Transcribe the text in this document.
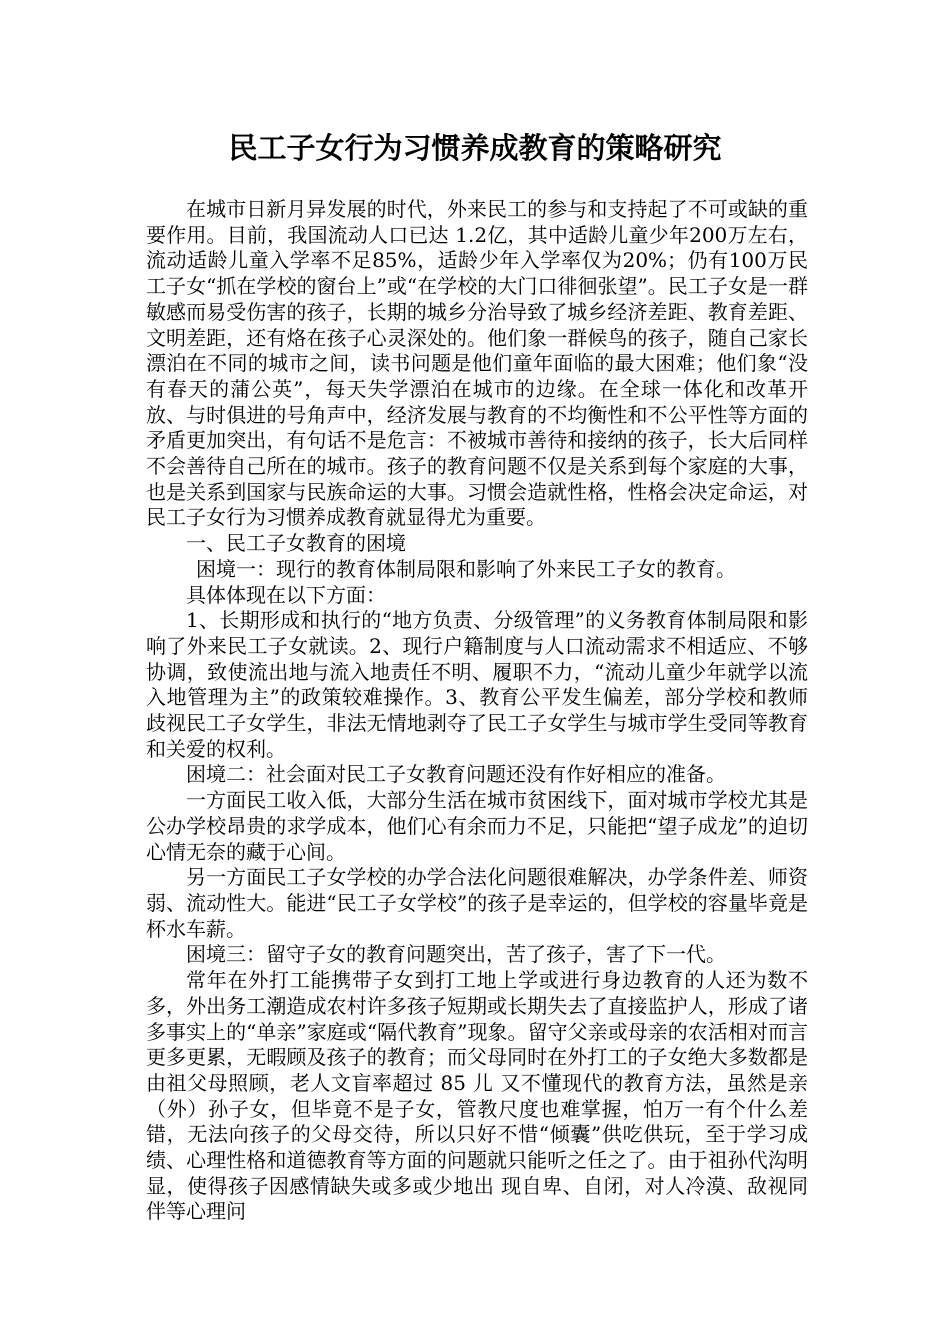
民工子女行为习惯养成教育的策略研究

在城市日新月异发展的时代，外来民工的参与和支持起了不可或缺的重要作用。目前，我国流动人口已达 1.2亿，其中适龄儿童少年200万左右，流动适龄儿童入学率不足85%，适龄少年入学率仅为20%；仍有100万民工子女“抓在学校的窗台上”或“在学校的大门口徘徊张望”。民工子女是一群敏感而易受伤害的孩子，长期的城乡分治导致了城乡经济差距、教育差距、文明差距，还有烙在孩子心灵深处的。他们象一群候鸟的孩子，随自己家长漂泊在不同的城市之间，读书问题是他们童年面临的最大困难；他们象“没有春天的蒲公英”，每天失学漂泊在城市的边缘。在全球一体化和改革开放、与时俱进的号角声中，经济发展与教育的不均衡性和不公平性等方面的矛盾更加突出，有句话不是危言：不被城市善待和接纳的孩子，长大后同样不会善待自己所在的城市。孩子的教育问题不仅是关系到每个家庭的大事，也是关系到国家与民族命运的大事。习惯会造就性格，性格会决定命运，对民工子女行为习惯养成教育就显得尤为重要。

一、民工子女教育的困境

困境一：现行的教育体制局限和影响了外来民工子女的教育。

具体体现在以下方面：

1、长期形成和执行的“地方负责、分级管理”的义务教育体制局限和影响了外来民工子女就读。2、现行户籍制度与人口流动需求不相适应、不够协调，致使流出地与流入地责任不明、履职不力，“流动儿童少年就学以流入地管理为主”的政策较难操作。3、教育公平发生偏差，部分学校和教师歧视民工子女学生，非法无情地剥夺了民工子女学生与城市学生受同等教育和关爱的权利。

困境二：社会面对民工子女教育问题还没有作好相应的准备。

一方面民工收入低，大部分生活在城市贫困线下，面对城市学校尤其是公办学校昂贵的求学成本，他们心有余而力不足，只能把“望子成龙”的迫切心情无奈的藏于心间。

另一方面民工子女学校的办学合法化问题很难解决，办学条件差、师资弱、流动性大。能进“民工子女学校”的孩子是幸运的，但学校的容量毕竟是杯水车薪。

困境三：留守子女的教育问题突出，苦了孩子，害了下一代。

常年在外打工能携带子女到打工地上学或进行身边教育的人还为数不多，外出务工潮造成农村许多孩子短期或长期失去了直接监护人，形成了诸多事实上的“单亲”家庭或“隔代教育”现象。留守父亲或母亲的农活相对而言更多更累，无暇顾及孩子的教育；而父母同时在外打工的子女绝大多数都是由祖父母照顾，老人文盲率超过 85 儿 又不懂现代的教育方法，虽然是亲（外）孙子女，但毕竟不是子女，管教尺度也难掌握，怕万一有个什么差错，无法向孩子的父母交待，所以只好不惜“倾囊”供吃供玩，至于学习成绩、心理性格和道德教育等方面的问题就只能听之任之了。由于祖孙代沟明显，使得孩子因感情缺失或多或少地出 现自卑、自闭，对人冷漠、敌视同伴等心理问
